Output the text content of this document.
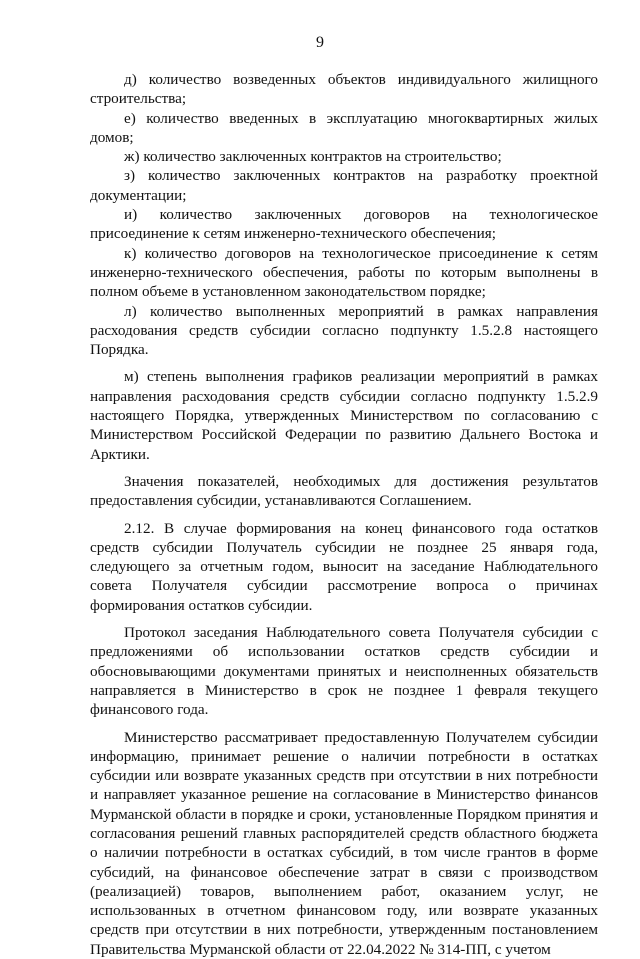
9

д) количество возведенных объектов индивидуального жилищного строительства;

е) количество введенных в эксплуатацию многоквартирных жилых домов;

ж) количество заключенных контрактов на строительство;

з) количество заключенных контрактов на разработку проектной документации;

и) количество заключенных договоров на технологическое присоединение к сетям инженерно-технического обеспечения;

к) количество договоров на технологическое присоединение к сетям инженерно-технического обеспечения, работы по которым выполнены в полном объеме в установленном законодательством порядке;

л) количество выполненных мероприятий в рамках направления расходования средств субсидии согласно подпункту 1.5.2.8 настоящего Порядка.

м) степень выполнения графиков реализации мероприятий в рамках направления расходования средств субсидии согласно подпункту 1.5.2.9 настоящего Порядка, утвержденных Министерством по согласованию с Министерством Российской Федерации по развитию Дальнего Востока и Арктики.

Значения показателей, необходимых для достижения результатов предоставления субсидии, устанавливаются Соглашением.

2.12. В случае формирования на конец финансового года остатков средств субсидии Получатель субсидии не позднее 25 января года, следующего за отчетным годом, выносит на заседание Наблюдательного совета Получателя субсидии рассмотрение вопроса о причинах формирования остатков субсидии.

Протокол заседания Наблюдательного совета Получателя субсидии с предложениями об использовании остатков средств субсидии и обосновывающими документами принятых и неисполненных обязательств направляется в Министерство в срок не позднее 1 февраля текущего финансового года.

Министерство рассматривает предоставленную Получателем субсидии информацию, принимает решение о наличии потребности в остатках субсидии или возврате указанных средств при отсутствии в них потребности и направляет указанное решение на согласование в Министерство финансов Мурманской области в порядке и сроки, установленные Порядком принятия и согласования решений главных распорядителей средств областного бюджета о наличии потребности в остатках субсидий, в том числе грантов в форме субсидий, на финансовое обеспечение затрат в связи с производством (реализацией) товаров, выполнением работ, оказанием услуг, не использованных в отчетном финансовом году, или возврате указанных средств при отсутствии в них потребности, утвержденным постановлением Правительства Мурманской области от 22.04.2022 № 314-ПП, с учетом
